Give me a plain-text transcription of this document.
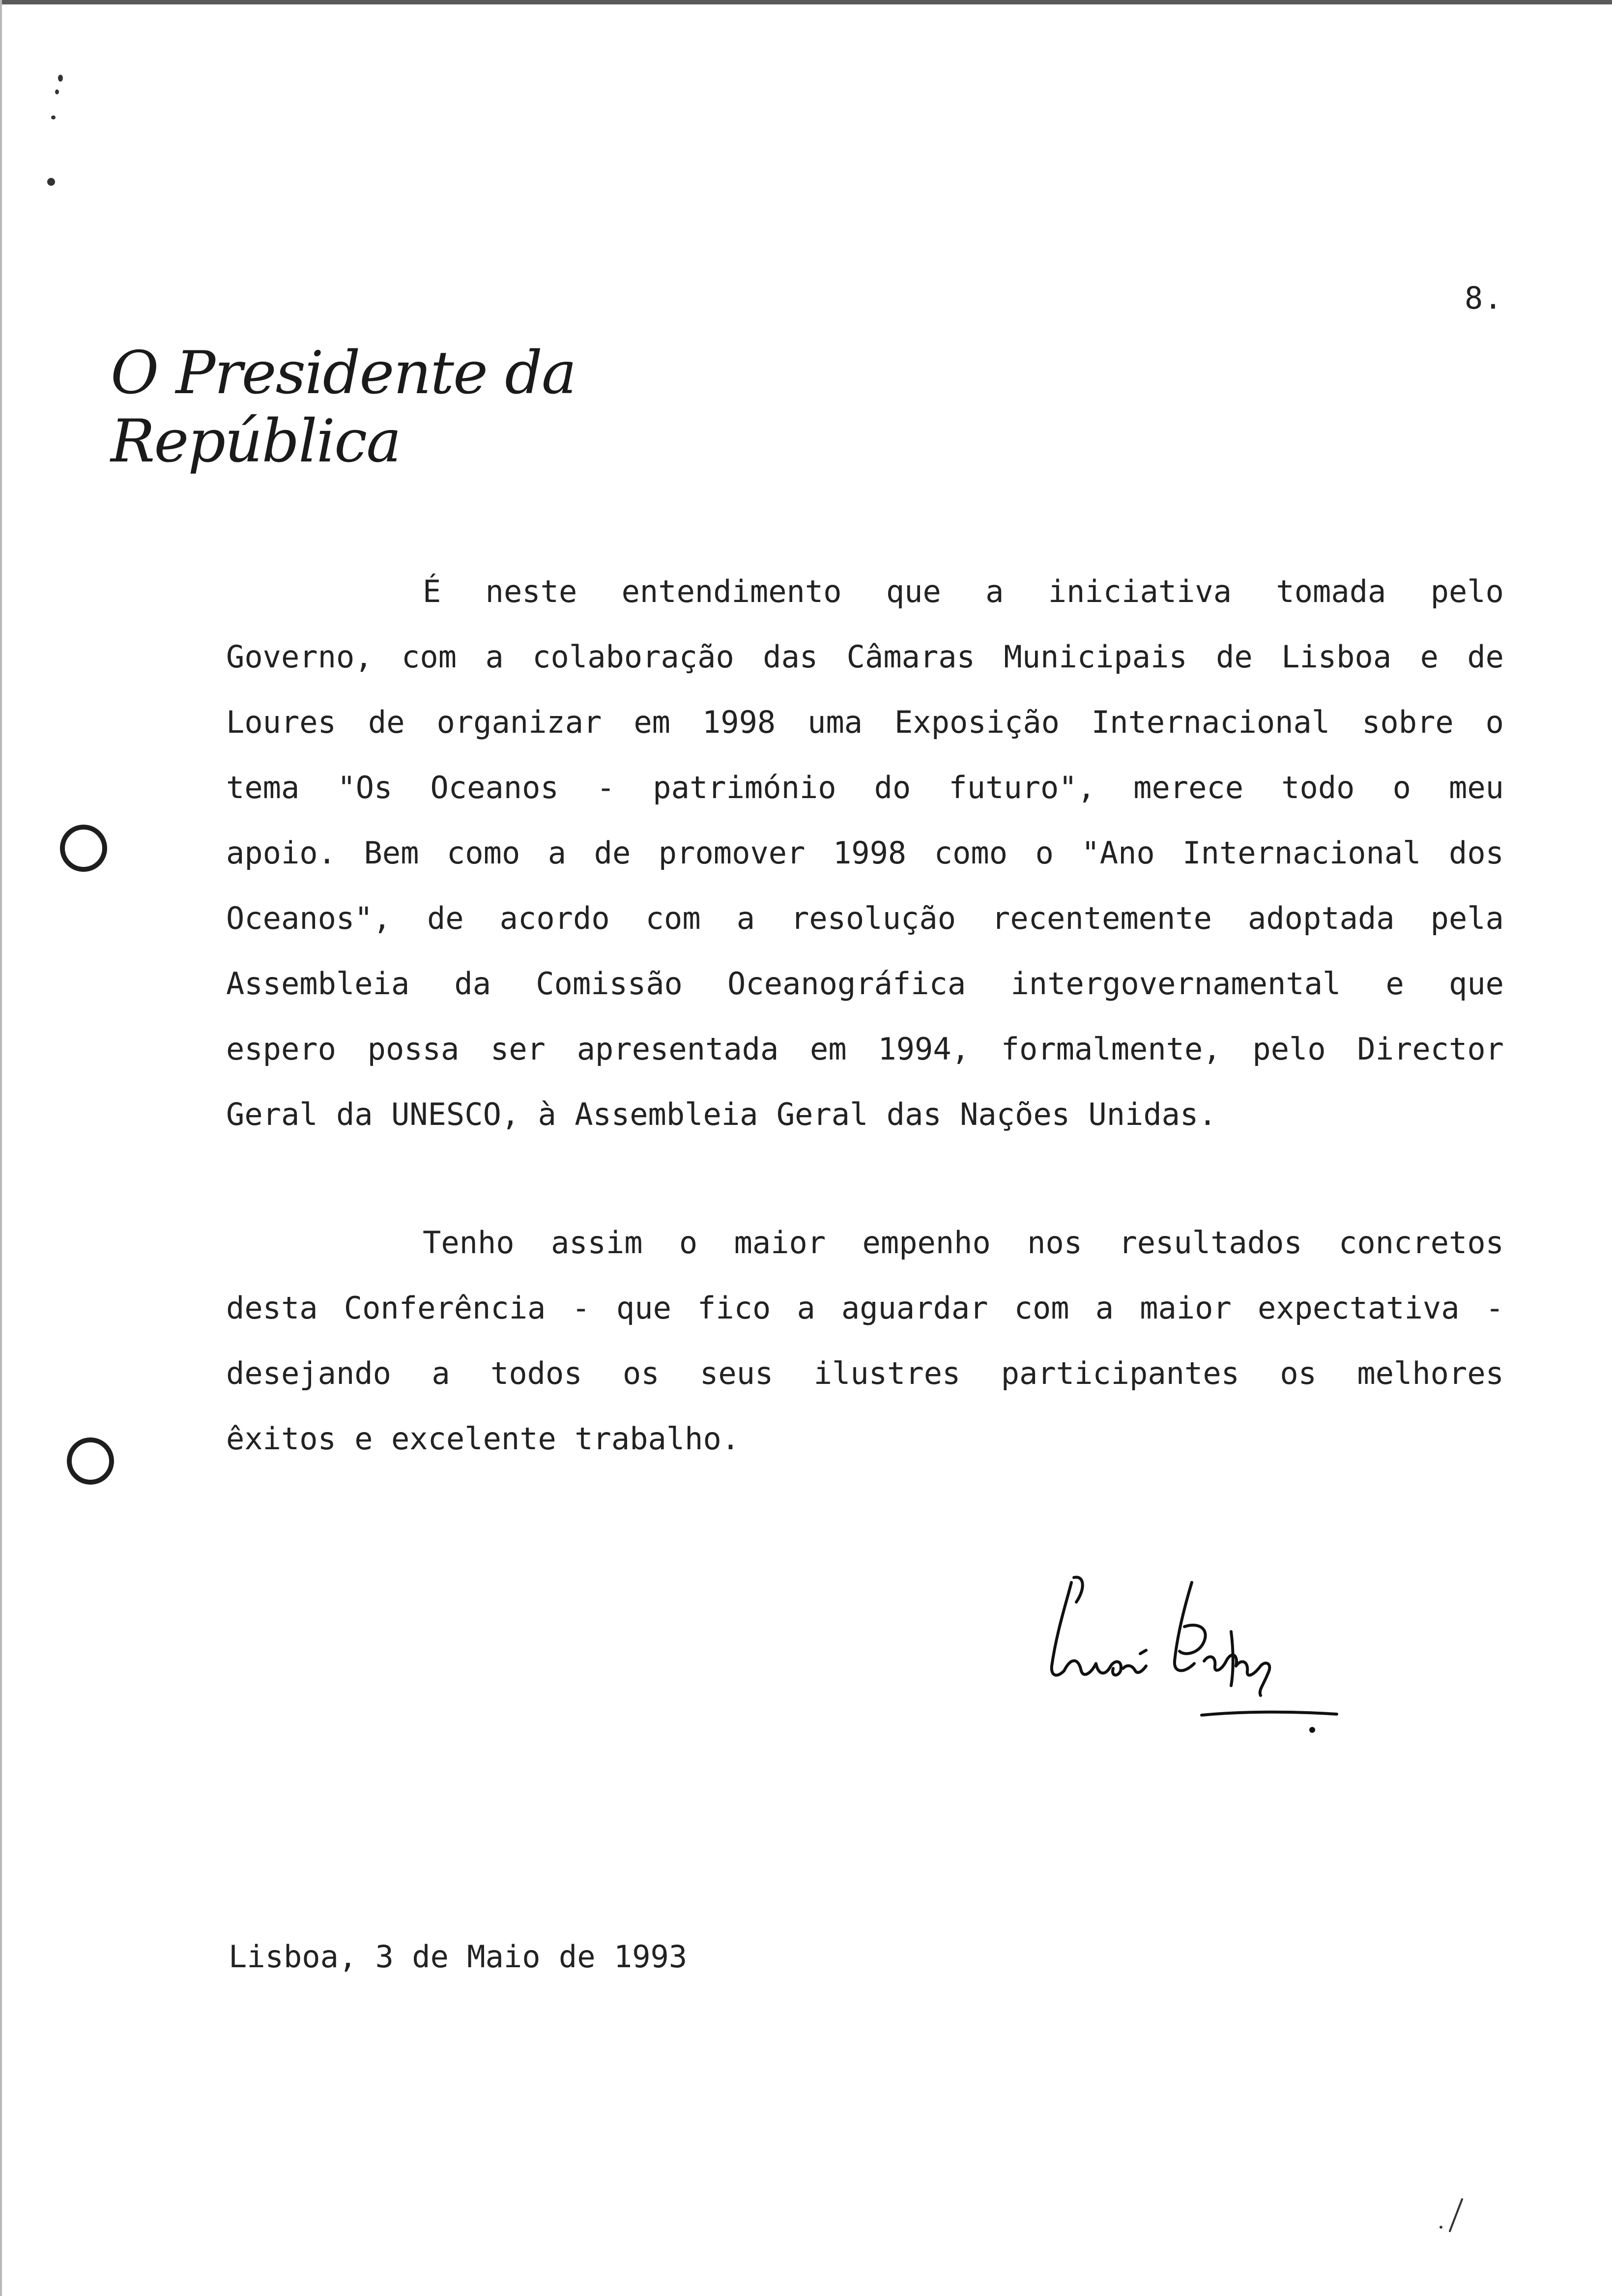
8.
O Presidente da República
É neste entendimento que a iniciativa tomada pelo
Governo, com a colaboração das Câmaras Municipais de Lisboa e de
Loures de organizar em 1998 uma Exposição Internacional sobre o
tema "Os Oceanos - património do futuro", merece todo o meu
apoio. Bem como a de promover 1998 como o "Ano Internacional dos
Oceanos", de acordo com a resolução recentemente adoptada pela
Assembleia da Comissão Oceanográfica intergovernamental e que
espero possa ser apresentada em 1994, formalmente, pelo Director
Geral da UNESCO, à Assembleia Geral das Nações Unidas.
Tenho assim o maior empenho nos resultados concretos
desta Conferência - que fico a aguardar com a maior expectativa -
desejando a todos os seus ilustres participantes os melhores
êxitos e excelente trabalho.
Lisboa, 3 de Maio de 1993
